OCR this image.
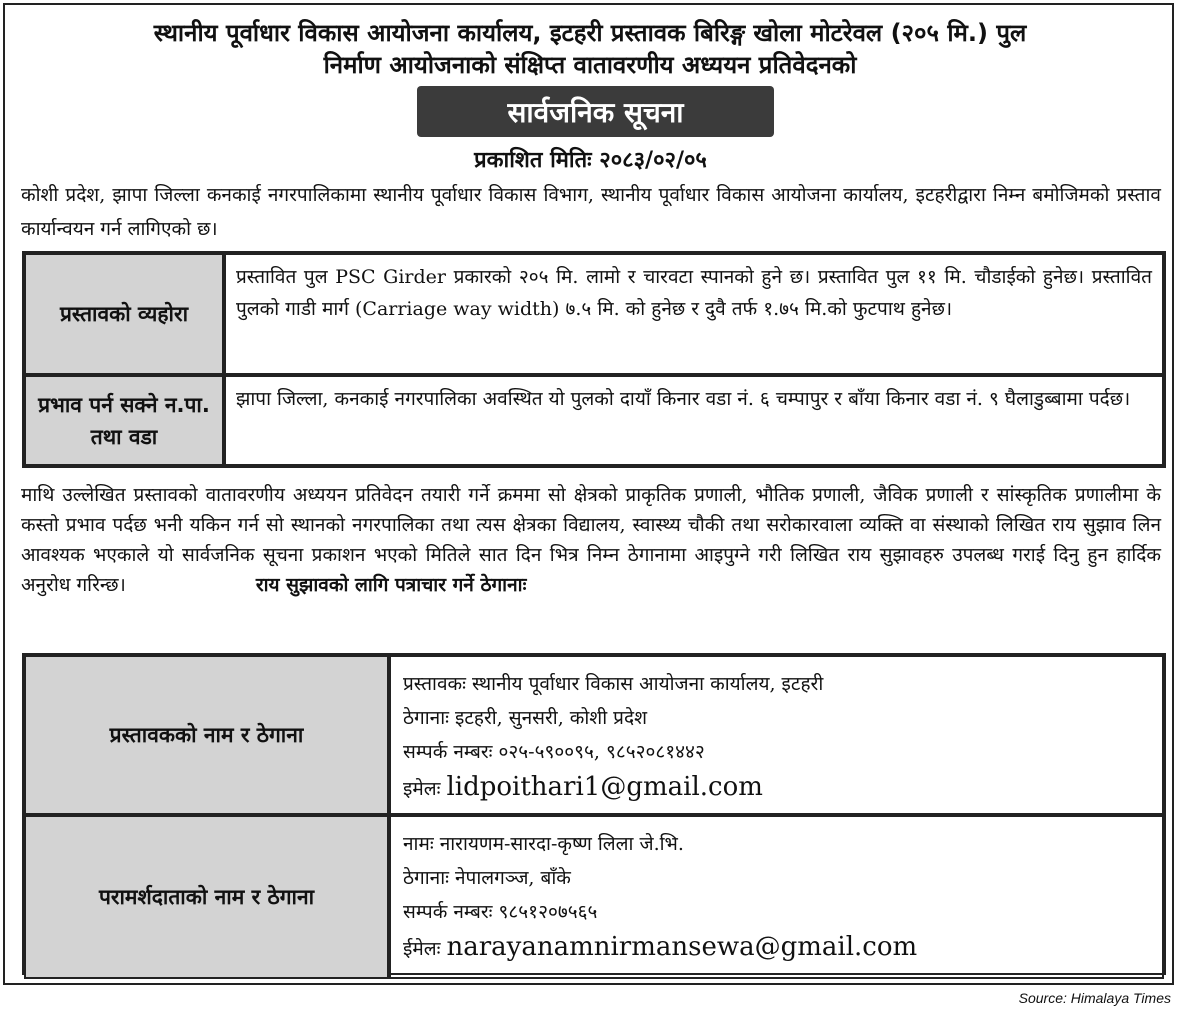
स्थानीय पूर्वाधार विकास आयोजना कार्यालय, इटहरी प्रस्तावक बिरिङ्ग खोला मोटरेवल (२०५ मि.) पुल
निर्माण आयोजनाको संक्षिप्त वातावरणीय अध्ययन प्रतिवेदनको
सार्वजनिक सूचना
प्रकाशित मितिः २०८३/०२/०५
कोशी प्रदेश, झापा जिल्ला कनकाई नगरपालिकामा स्थानीय पूर्वाधार विकास विभाग, स्थानीय पूर्वाधार विकास आयोजना कार्यालय, इटहरीद्वारा निम्न बमोजिमको प्रस्ताव कार्यान्वयन गर्न लागिएको छ।
प्रस्तावको व्यहोरा
प्रस्तावित पुल PSC Girder प्रकारको २०५ मि. लामो र चारवटा स्पानको हुने छ। प्रस्तावित पुल ११ मि. चौडाईको हुनेछ। प्रस्तावित पुलको गाडी मार्ग (Carriage way width) ७.५ मि. को हुनेछ र दुवै तर्फ १.७५ मि.को फुटपाथ हुनेछ।
प्रभाव पर्न सक्ने न.पा. तथा वडा
झापा जिल्ला, कनकाई नगरपालिका अवस्थित यो पुलको दायाँ किनार वडा नं. ६ चम्पापुर र बाँया किनार वडा नं. ९ घैलाडुब्बामा पर्दछ।
माथि उल्लेखित प्रस्तावको वातावरणीय अध्ययन प्रतिवेदन तयारी गर्ने क्रममा सो क्षेत्रको प्राकृतिक प्रणाली, भौतिक प्रणाली, जैविक प्रणाली र सांस्कृतिक प्रणालीमा के कस्तो प्रभाव पर्दछ भनी यकिन गर्न सो स्थानको नगरपालिका तथा त्यस क्षेत्रका विद्यालय, स्वास्थ्य चौकी तथा सरोकारवाला व्यक्ति वा संस्थाको लिखित राय सुझाव लिन आवश्यक भएकाले यो सार्वजनिक सूचना प्रकाशन भएको मितिले सात दिन भित्र निम्न ठेगानामा आइपुग्ने गरी लिखित राय सुझावहरु उपलब्ध गराई दिनु हुन हार्दिक अनुरोध गरिन्छ।	राय सुझावको लागि पत्राचार गर्ने ठेगानाः
प्रस्तावकको नाम र ठेगाना
प्रस्तावकः स्थानीय पूर्वाधार विकास आयोजना कार्यालय, इटहरी
ठेगानाः इटहरी, सुनसरी, कोशी प्रदेश
सम्पर्क नम्बरः ०२५-५९००९५, ९८५२०८१४४२
इमेलः lidpoithari1@gmail.com
परामर्शदाताको नाम र ठेगाना
नामः नारायणम-सारदा-कृष्ण लिला जे.भि.
ठेगानाः नेपालगञ्ज, बाँके
सम्पर्क नम्बरः ९८५१२०७५६५
ईमेलः narayanamnirmansewa@gmail.com
Source: Himalaya Times
